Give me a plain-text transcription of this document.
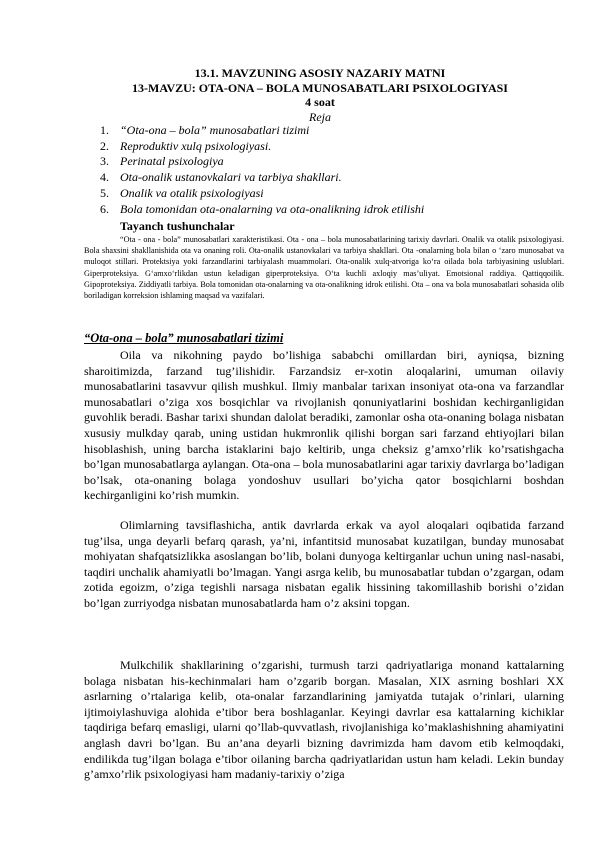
13.1. MAVZUNING ASOSIY NAZARIY MATNI

13-MAVZU: OTA-ONA – BOLA MUNOSABATLARI PSIXOLOGIYASI

4 soat

Reja

1. “Ota-ona – bola” munosabatlari tizimi
2. Reproduktiv xulq psixologiyasi.
3. Perinatal psixologiya
4. Ota-onalik ustanovkalari va tarbiya shakllari.
5. Onalik va otalik psixologiyasi
6. Bola tomonidan ota-onalarning va ota-onalikning idrok etilishi

Tayanch tushunchalar

“Ota - ona - bola” munosabatlari xarakteristikasi. Ota - ona – bola munosabatlarining tarixiy davrlari. Onalik va otalik psixologiyasi. Bola shaxsini shakllanishida ota va onaning roli. Ota-onalik ustanovkalari va tarbiya shakllari. Ota -onalarning bola bilan o ‘zaro munosabat va muloqot stillari. Protektsiya yoki farzandlarini tarbiyalash muammolari. Ota-onalik xulq-atvoriga ko‘ra oilada bola tarbiyasining uslublari. Giperproteksiya. G‘amxo‘rlikdan ustun keladigan giperproteksiya. O‘ta kuchli axloqiy mas’uliyat. Emotsional raddiya. Qattiqqoilik. Gipoproteksiya. Ziddiyatli tarbiya. Bola tomonidan ota-onalarning va ota-onalikning idrok etilishi. Ota – ona va bola munosabatlari sohasida olib boriladigan korreksion ishlaming maqsad va vazifalari.

“Ota-ona – bola” munosabatlari tizimi

Oila va nikohning paydo bo’lishiga sababchi omillardan biri, ayniqsa, bizning sharoitimizda, farzand tug’ilishidir. Farzandsiz er-xotin aloqalarini, umuman oilaviy munosabatlarini tasavvur qilish mushkul. Ilmiy manbalar tarixan insoniyat ota-ona va farzandlar munosabatlari o’ziga xos bosqichlar va rivojlanish qonuniyatlarini boshidan kechirganligidan guvohlik beradi. Bashar tarixi shundan dalolat beradiki, zamonlar osha ota-onaning bolaga nisbatan xususiy mulkday qarab, uning ustidan hukmronlik qilishi borgan sari farzand ehtiyojlari bilan hisoblashish, uning barcha istaklarini bajo keltirib, unga cheksiz g’amxo’rlik ko’rsatishgacha bo’lgan munosabatlarga aylangan. Ota-ona – bola munosabatlarini agar tarixiy davrlarga bo’ladigan bo’lsak, ota-onaning bolaga yondoshuv usullari bo’yicha qator bosqichlarni boshdan kechirganligini ko’rish mumkin.

Olimlarning tavsiflashicha, antik davrlarda erkak va ayol aloqalari oqibatida farzand tug’ilsa, unga deyarli befarq qarash, ya’ni, infantitsid munosabat kuzatilgan, bunday munosabat mohiyatan shafqatsizlikka asoslangan bo’lib, bolani dunyoga keltirganlar uchun uning nasl-nasabi, taqdiri unchalik ahamiyatli bo’lmagan. Yangi asrga kelib, bu munosabatlar tubdan o’zgargan, odam zotida egoizm, o’ziga tegishli narsaga nisbatan egalik hissining takomillashib borishi o’zidan bo’lgan zurriyodga nisbatan munosabatlarda ham o’z aksini topgan.

Mulkchilik shakllarining o’zgarishi, turmush tarzi qadriyatlariga monand kattalarning bolaga nisbatan his-kechinmalari ham o’zgarib borgan. Masalan, XIX asrning boshlari XX asrlarning o’rtalariga kelib, ota-onalar farzandlarining jamiyatda tutajak o’rinlari, ularning ijtimoiylashuviga alohida e’tibor bera boshlaganlar. Keyingi davrlar esa kattalarning kichiklar taqdiriga befarq emasligi, ularni qo’llab-quvvatlash, rivojlanishiga ko’maklashishning ahamiyatini anglash davri bo’lgan. Bu an’ana deyarli bizning davrimizda ham davom etib kelmoqdaki, endilikda tug’ilgan bolaga e’tibor oilaning barcha qadriyatlaridan ustun ham keladi. Lekin bunday g’amxo’rlik psixologiyasi ham madaniy-tarixiy o’ziga
